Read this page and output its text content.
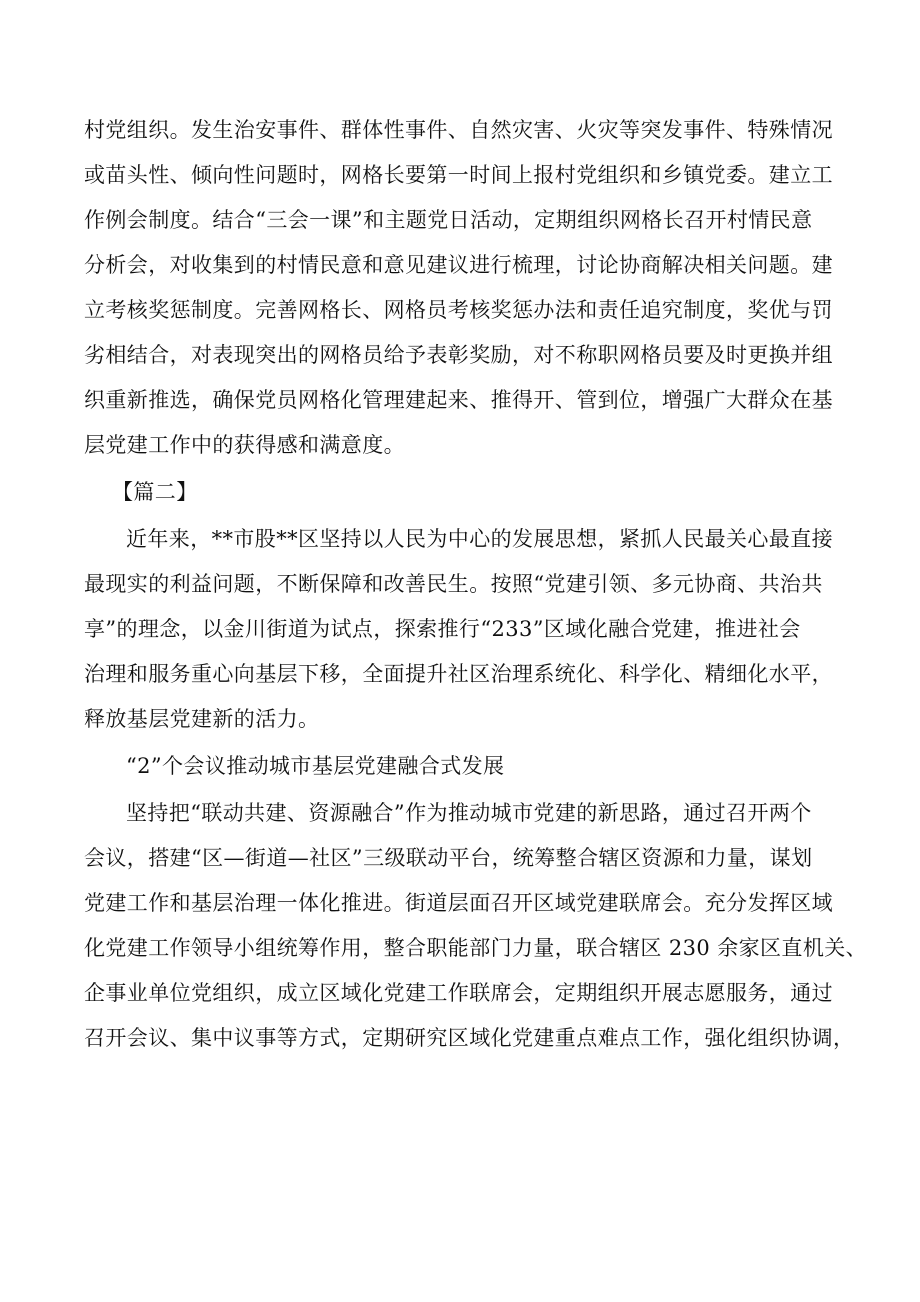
村党组织。发生治安事件、群体性事件、自然灾害、火灾等突发事件、特殊情况
或苗头性、倾向性问题时，网格长要第一时间上报村党组织和乡镇党委。建立工
作例会制度。结合“三会一课”和主题党日活动，定期组织网格长召开村情民意
分析会，对收集到的村情民意和意见建议进行梳理，讨论协商解决相关问题。建
立考核奖惩制度。完善网格长、网格员考核奖惩办法和责任追究制度，奖优与罚
劣相结合，对表现突出的网格员给予表彰奖励，对不称职网格员要及时更换并组
织重新推选，确保党员网格化管理建起来、推得开、管到位，增强广大群众在基
层党建工作中的获得感和满意度。
【篇二】
近年来，**市股**区坚持以人民为中心的发展思想，紧抓人民最关心最直接
最现实的利益问题，不断保障和改善民生。按照“党建引领、多元协商、共治共
享”的理念，以金川街道为试点，探索推行“233”区域化融合党建，推进社会
治理和服务重心向基层下移，全面提升社区治理系统化、科学化、精细化水平，
释放基层党建新的活力。
“2”个会议推动城市基层党建融合式发展
坚持把“联动共建、资源融合”作为推动城市党建的新思路，通过召开两个
会议，搭建“区—街道—社区”三级联动平台，统筹整合辖区资源和力量，谋划
党建工作和基层治理一体化推进。街道层面召开区域党建联席会。充分发挥区域
化党建工作领导小组统筹作用，整合职能部门力量，联合辖区 230 余家区直机关、
企事业单位党组织，成立区域化党建工作联席会，定期组织开展志愿服务，通过
召开会议、集中议事等方式，定期研究区域化党建重点难点工作，强化组织协调，
